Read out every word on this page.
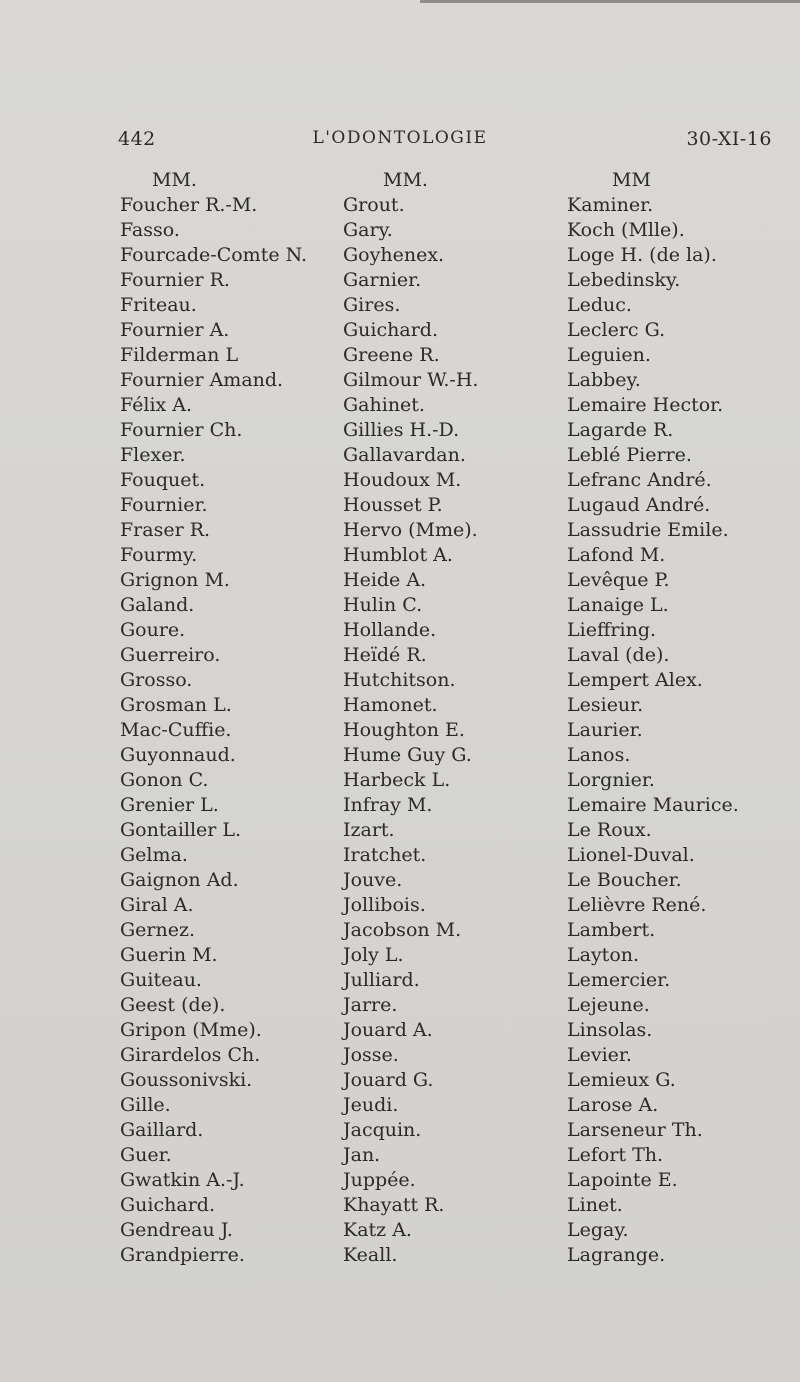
442	L'ODONTOLOGIE	30-XI-16
MM.
Foucher R.-M.
Fasso.
Fourcade-Comte N.
Fournier R.
Friteau.
Fournier A.
Filderman L
Fournier Amand.
Félix A.
Fournier Ch.
Flexer.
Fouquet.
Fournier.
Fraser R.
Fourmy.
Grignon M.
Galand.
Goure.
Guerreiro.
Grosso.
Grosman L.
Mac-Cuffie.
Guyonnaud.
Gonon C.
Grenier L.
Gontailler L.
Gelma.
Gaignon Ad.
Giral A.
Gernez.
Guerin M.
Guiteau.
Geest (de).
Gripon (Mme).
Girardelos Ch.
Goussonivski.
Gille.
Gaillard.
Guer.
Gwatkin A.-J.
Guichard.
Gendreau J.
Grandpierre.
MM.
Grout.
Gary.
Goyhenex.
Garnier.
Gires.
Guichard.
Greene R.
Gilmour W.-H.
Gahinet.
Gillies H.-D.
Gallavardan.
Houdoux M.
Housset P.
Hervo (Mme).
Humblot A.
Heide A.
Hulin C.
Hollande.
Heïdé R.
Hutchitson.
Hamonet.
Houghton E.
Hume Guy G.
Harbeck L.
Infray M.
Izart.
Iratchet.
Jouve.
Jollibois.
Jacobson M.
Joly L.
Julliard.
Jarre.
Jouard A.
Josse.
Jouard G.
Jeudi.
Jacquin.
Jan.
Juppée.
Khayatt R.
Katz A.
Keall.
MM
Kaminer.
Koch (Mlle).
Loge H. (de la).
Lebedinsky.
Leduc.
Leclerc G.
Leguien.
Labbey.
Lemaire Hector.
Lagarde R.
Leblé Pierre.
Lefranc André.
Lugaud André.
Lassudrie Emile.
Lafond M.
Levêque P.
Lanaige L.
Lieffring.
Laval (de).
Lempert Alex.
Lesieur.
Laurier.
Lanos.
Lorgnier.
Lemaire Maurice.
Le Roux.
Lionel-Duval.
Le Boucher.
Lelièvre René.
Lambert.
Layton.
Lemercier.
Lejeune.
Linsolas.
Levier.
Lemieux G.
Larose A.
Larseneur Th.
Lefort Th.
Lapointe E.
Linet.
Legay.
Lagrange.
